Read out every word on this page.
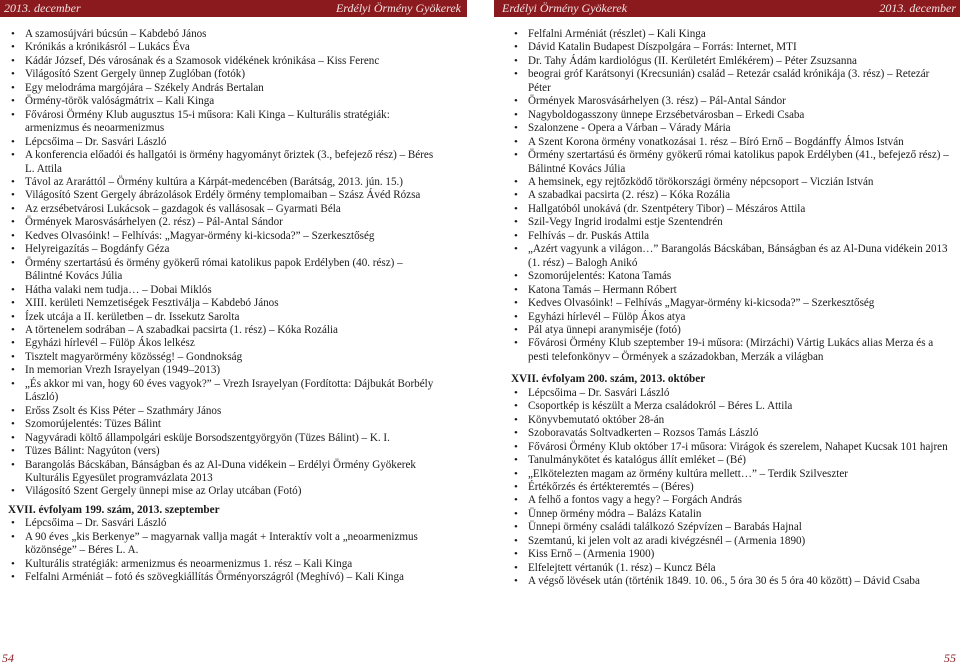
2013. december	Erdélyi Örmény Gyökerek	Erdélyi Örmény Gyökerek	2013. december
• A szamosújvári búcsún – Kabdebó János
• Krónikás a krónikásról – Lukács Éva
• Kádár József, Dés városának és a Szamosok vidékének krónikása – Kiss Ferenc
• Világosító Szent Gergely ünnep Zuglóban (fotók)
• Egy melodráma margójára – Székely András Bertalan
• Örmény-török valóságmátrix – Kali Kinga
• Fővárosi Örmény Klub augusztus 15-i műsora: Kali Kinga – Kulturális stratégiák: armenizmus és neoarmenizmus
• Lépcsőima – Dr. Sasvári László
• A konferencia előadói és hallgatói is örmény hagyományt őriztek (3., befejező rész) – Béres L. Attila
• Távol az Araráttól – Örmény kultúra a Kárpát-medencében (Barátság, 2013. jún. 15.)
• Világosító Szent Gergely ábrázolások Erdély örmény templomaiban – Szász Ávéd Rózsa
• Az erzsébetvárosi Lukácsok – gazdagok és vallásosak – Gyarmati Béla
• Örmények Marosvásárhelyen (2. rész) – Pál-Antal Sándor
• Kedves Olvasóink! – Felhívás: „Magyar-örmény ki-kicsoda?” – Szerkesztőség
• Helyreigazítás – Bogdánfy Géza
• Örmény szertartású és örmény gyökerű római katolikus papok Erdélyben (40. rész) – Bálintné Kovács Júlia
• Hátha valaki nem tudja… – Dobai Miklós
• XIII. kerületi Nemzetiségek Fesztiválja – Kabdebó János
• Ízek utcája a II. kerületben – dr. Issekutz Sarolta
• A törtenelem sodrában – A szabadkai pacsirta (1. rész) – Kóka Rozália
• Egyházi hírlevél – Fülöp Ákos lelkész
• Tisztelt magyarörmény közösség! – Gondnokság
• In memorian Vrezh Israyelyan (1949–2013)
• „És akkor mi van, hogy 60 éves vagyok?” – Vrezh Israyelyan (Fordította: Dájbukát Borbély László)
• Erőss Zsolt és Kiss Péter – Szathmáry János
• Szomorújelentés: Tüzes Bálint
• Nagyváradi költő állampolgári esküje Borsodszentgyörgyön (Tüzes Bálint) – K. I.
• Tüzes Bálint: Nagyúton (vers)
• Barangolás Bácskában, Bánságban és az Al-Duna vidékein – Erdélyi Örmény Gyökerek Kulturális Egyesület programvázlata 2013
• Világosító Szent Gergely ünnepi mise az Orlay utcában (Fotó)
XVII. évfolyam 199. szám, 2013. szeptember
• Lépcsőima – Dr. Sasvári László
• A 90 éves „kis Berkenye” – magyarnak vallja magát + Interaktív volt a „neoarmenizmus közönsége” – Béres L. A.
• Kulturális stratégiák: armenizmus és neoarmenizmus 1. rész – Kali Kinga
• Felfalni Arméniát – fotó és szövegkiállítás Örményországról (Meghívó) – Kali Kinga
• Felfalni Arméniát (részlet) – Kali Kinga
• Dávid Katalin Budapest Díszpolgára – Forrás: Internet, MTI
• Dr. Tahy Ádám kardiológus (II. Kerületért Emlékérem) – Péter Zsuzsanna
• beograi gróf Karátsonyi (Krecsunián) család – Retezár család krónikája (3. rész) – Retezár Péter
• Örmények Marosvásárhelyen (3. rész) – Pál-Antal Sándor
• Nagyboldogasszony ünnepe Erzsébetvárosban – Erkedi Csaba
• Szalonzene - Opera a Várban – Várady Mária
• A Szent Korona örmény vonatkozásai 1. rész – Bíró Ernő – Bogdánffy Álmos István
• Örmény szertartású és örmény gyökerű római katolikus papok Erdélyben (41., befejező rész) – Bálintné Kovács Júlia
• A hemsinek, egy rejtőzködő törökországi örmény népcsoport – Viczián István
• A szabadkai pacsirta (2. rész) – Kóka Rozália
• Hallgatóból unokává (dr. Szentpétery Tibor) – Mészáros Attila
• Szil-Vegy Ingrid irodalmi estje Szentendrén
• Felhívás – dr. Puskás Attila
• „Azért vagyunk a világon…” Barangolás Bácskában, Bánságban és az Al-Duna vidékein 2013 (1. rész) – Balogh Anikó
• Szomorújelentés: Katona Tamás
• Katona Tamás – Hermann Róbert
• Kedves Olvasóink! – Felhívás „Magyar-örmény ki-kicsoda?” – Szerkesztőség
• Egyházi hírlevél – Fülöp Ákos atya
• Pál atya ünnepi aranymiséje (fotó)
• Fővárosi Örmény Klub szeptember 19-i műsora: (Mirzáchi) Vártig Lukács alias Merza és a pesti telefonkönyv – Örmények a századokban, Merzák a világban
XVII. évfolyam 200. szám, 2013. október
• Lépcsőima – Dr. Sasvári László
• Csoportkép is készült a Merza családokról – Béres L. Attila
• Könyvbemutató október 28-án
• Szoboravatás Soltvadkerten – Rozsos Tamás László
• Fővárosi Örmény Klub október 17-i műsora: Virágok és szerelem, Nahapet Kucsak 101 hajren
• Tanulmánykötet és katalógus állít emléket – (Bé)
• „Elkötelezten magam az örmény kultúra mellett…” – Terdik Szilveszter
• Értékőrzés és értékteremtés – (Béres)
• A felhő a fontos vagy a hegy? – Forgách András
• Ünnep örmény módra – Balázs Katalin
• Ünnepi örmény családi találkozó Szépvízen – Barabás Hajnal
• Szemtanú, ki jelen volt az aradi kivégzésnél – (Armenia 1890)
• Kiss Ernő – (Armenia 1900)
• Elfelejtett vértanúk (1. rész) – Kuncz Béla
• A végső lövések után (történik 1849. 10. 06., 5 óra 30 és 5 óra 40 között) – Dávid Csaba
54	55
